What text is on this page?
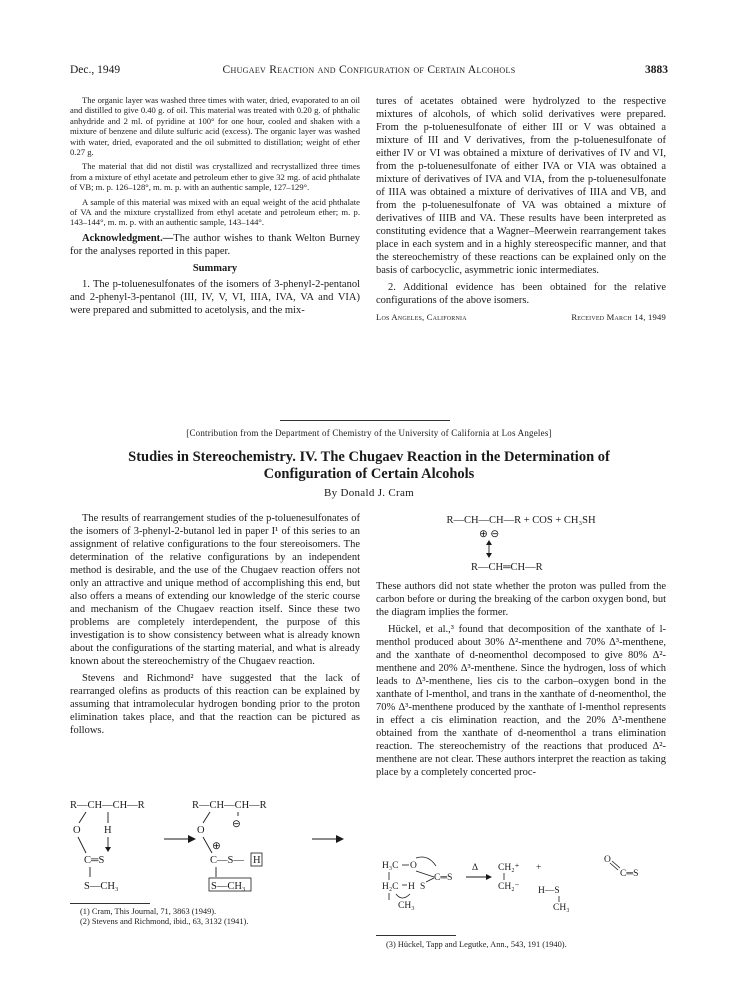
Dec., 1949	Chugaev Reaction and Configuration of Certain Alcohols	3883

The organic layer was washed three times with water, dried, evaporated to an oil and distilled to give 0.40 g. of oil. This material was treated with 0.20 g. of phthalic anhydride and 2 ml. of pyridine at 100° for one hour, cooled and shaken with a mixture of benzene and dilute sulfuric acid (excess). The organic layer was washed with water, dried, evaporated and the oil submitted to distillation; weight of ether 0.27 g.

The material that did not distil was crystallized and recrystallized three times from a mixture of ethyl acetate and petroleum ether to give 32 mg. of acid phthalate of VB; m. p. 126–128°, m. m. p. with an authentic sample, 127–129°.

A sample of this material was mixed with an equal weight of the acid phthalate of VA and the mixture crystallized from ethyl acetate and petroleum ether; m. p. 143–144°, m. m. p. with an authentic sample, 143–144°.

Acknowledgment.—The author wishes to thank Welton Burney for the analyses reported in this paper.

Summary

1. The p-toluenesulfonates of the isomers of 3-phenyl-2-pentanol and 2-phenyl-3-pentanol (III, IV, V, VI, IIIA, IVA, VA and VIA) were prepared and submitted to acetolysis, and the mix-

tures of acetates obtained were hydrolyzed to the respective mixtures of alcohols, of which solid derivatives were prepared. From the p-toluenesulfonate of either III or V was obtained a mixture of III and V derivatives, from the p-toluenesulfonate of either IV or VI was obtained a mixture of derivatives of IV and VI, from the p-toluenesulfonate of either IVA or VIA was obtained a mixture of derivatives of IVA and VIA, from the p-toluenesulfonate of IIIA was obtained a mixture of derivatives of IIIA and VB, and from the p-toluenesulfonate of VA was obtained a mixture of derivatives of IIIB and VA. These results have been interpreted as constituting evidence that a Wagner–Meerwein rearrangement takes place in each system and in a highly stereospecific manner, and that the stereochemistry of these reactions can be explained only on the basis of carbocyclic, asymmetric ionic intermediates.

2. Additional evidence has been obtained for the relative configurations of the above isomers.

Los Angeles, California	Received March 14, 1949
[Contribution from the Department of Chemistry of the University of California at Los Angeles]
Studies in Stereochemistry. IV. The Chugaev Reaction in the Determination of
Configuration of Certain Alcohols
By Donald J. Cram

The results of rearrangement studies of the p-toluenesulfonates of the isomers of 3-phenyl-2-butanol led in paper I¹ of this series to an assignment of relative configurations to the four stereoisomers. The determination of the relative configurations by an independent method is desirable, and the use of the Chugaev reaction offers not only an attractive and unique method of accomplishing this end, but also offers a means of extending our knowledge of the steric course and mechanism of the Chugaev reaction itself. Since these two problems are completely interdependent, the purpose of this investigation is to show consistency between what is already known about the configurations of the starting material, and what is already known about the stereochemistry of the Chugaev reaction.

Stevens and Richmond² have suggested that the lack of rearranged olefins as products of this reaction can be explained by assuming that intramolecular hydrogen bonding prior to the proton elimination takes place, and that the reaction can be pictured as follows.

R—CH—CH—R
O H
C═S
S—CH₃
R—CH—CH—R
⊖
O
⊕
C—S— H
S—CH₃
(1) Cram, This Journal, 71, 3863 (1949).
(2) Stevens and Richmond, ibid., 63, 3132 (1941).
R—CH—CH—R + COS + CH₃SH
⊕ ⊖
R—CH═CH—R

These authors did not state whether the proton was pulled from the carbon before or during the breaking of the carbon oxygen bond, but the diagram implies the former.

Hückel, et al.,³ found that decomposition of the xanthate of l-menthol produced about 30% Δ²-menthene and 70% Δ³-menthene, and the xanthate of d-neomenthol decomposed to give 80% Δ²-menthene and 20% Δ³-menthene. Since the hydrogen, loss of which leads to Δ³-menthene, lies cis to the carbon–oxygen bond in the xanthate of l-menthol, and trans in the xanthate of d-neomenthol, the 70% Δ³-menthene produced by the xanthate of l-menthol represents in effect a cis elimination reaction, and the 20% Δ³-menthene obtained from the xanthate of d-neomenthol a trans elimination reaction. The stereochemistry of the reactions that produced Δ²-menthene are not clear. These authors interpret the reaction as taking place by a completely concerted proc-

H₃C O
H₂C H S
C═S
CH₃
Δ CH₂⁺ +
CH₂⁻ H—S
CH₃
O
C═S
(3) Hückel, Tapp and Legutke, Ann., 543, 191 (1940).
